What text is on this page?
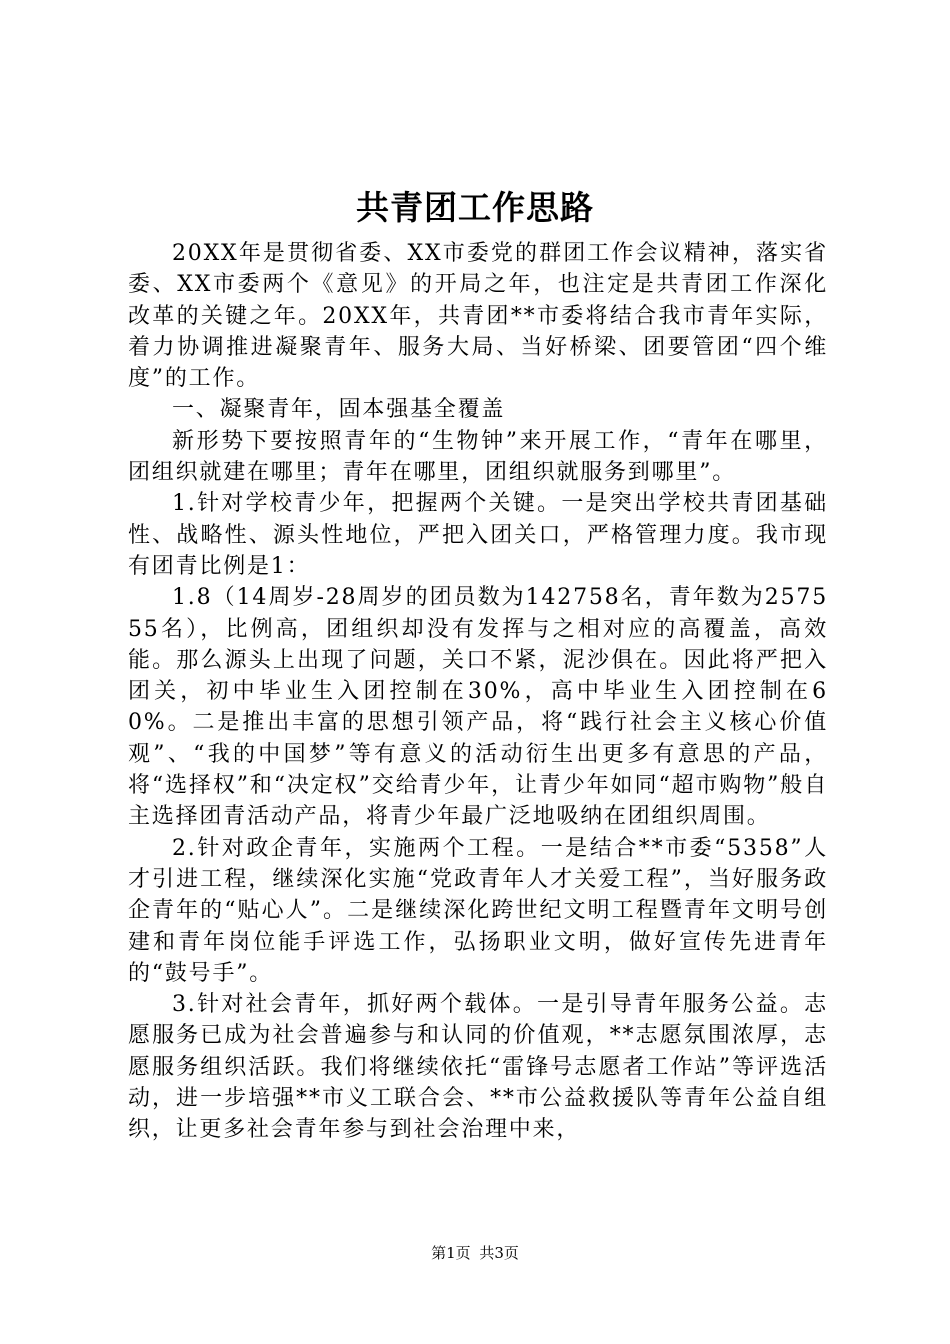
共青团工作思路

20XX年是贯彻省委、XX市委党的群团工作会议精神，落实省委、XX市委两个《意见》的开局之年，也注定是共青团工作深化改革的关键之年。20XX年，共青团**市委将结合我市青年实际，着力协调推进凝聚青年、服务大局、当好桥梁、团要管团“四个维度”的工作。

一、凝聚青年，固本强基全覆盖

新形势下要按照青年的“生物钟”来开展工作，“青年在哪里，团组织就建在哪里；青年在哪里，团组织就服务到哪里”。

1.针对学校青少年，把握两个关键。一是突出学校共青团基础性、战略性、源头性地位，严把入团关口，严格管理力度。我市现有团青比例是1：

1.8（14周岁-28周岁的团员数为142758名，青年数为257555名），比例高，团组织却没有发挥与之相对应的高覆盖，高效能。那么源头上出现了问题，关口不紧，泥沙俱在。因此将严把入团关，初中毕业生入团控制在30%，高中毕业生入团控制在60%。二是推出丰富的思想引领产品，将“践行社会主义核心价值观”、“我的中国梦”等有意义的活动衍生出更多有意思的产品，将“选择权”和“决定权”交给青少年，让青少年如同“超市购物”般自主选择团青活动产品，将青少年最广泛地吸纳在团组织周围。

2.针对政企青年，实施两个工程。一是结合**市委“5358”人才引进工程，继续深化实施“党政青年人才关爱工程”，当好服务政企青年的“贴心人”。二是继续深化跨世纪文明工程暨青年文明号创建和青年岗位能手评选工作，弘扬职业文明，做好宣传先进青年的“鼓号手”。

3.针对社会青年，抓好两个载体。一是引导青年服务公益。志愿服务已成为社会普遍参与和认同的价值观，**志愿氛围浓厚，志愿服务组织活跃。我们将继续依托“雷锋号志愿者工作站”等评选活动，进一步培强**市义工联合会、**市公益救援队等青年公益自组织，让更多社会青年参与到社会治理中来，

第1页 共3页
